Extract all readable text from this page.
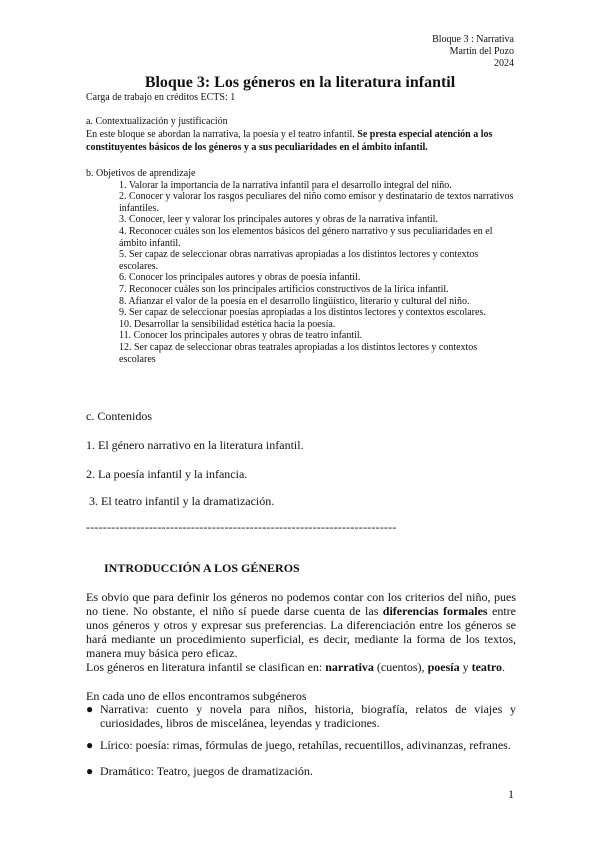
Bloque 3 : Narrativa
Martín del Pozo
2024
Bloque 3: Los géneros en la literatura infantil
Carga de trabajo en créditos ECTS: 1
a. Contextualización y justificación
En este bloque se abordan la narrativa, la poesía y el teatro infantil. Se presta especial atención a los constituyentes básicos de los géneros y a sus peculiaridades en el ámbito infantil.
b. Objetivos de aprendizaje
1. Valorar la importancia de la narrativa infantil para el desarrollo integral del niño.
2. Conocer y valorar los rasgos peculiares del niño como emisor y destinatario de textos narrativos infantiles.
3. Conocer, leer y valorar los principales autores y obras de la narrativa infantil.
4. Reconocer cuáles son los elementos básicos del género narrativo y sus peculiaridades en el ámbito infantil.
5. Ser capaz de seleccionar obras narrativas apropiadas a los distintos lectores y contextos escolares.
6. Conocer los principales autores y obras de poesía infantil.
7. Reconocer cuáles son los principales artificios constructivos de la lírica infantil.
8. Afianzar el valor de la poesía en el desarrollo lingüístico, literario y cultural del niño.
9. Ser capaz de seleccionar poesías apropiadas a los distintos lectores y contextos escolares.
10. Desarrollar la sensibilidad estética hacia la poesía.
11. Conocer los principales autores y obras de teatro infantil.
12. Ser capaz de seleccionar obras teatrales apropiadas a los distintos lectores y contextos escolares
c. Contenidos
1. El género narrativo en la literatura infantil.
2. La poesía infantil y la infancia.
3. El teatro infantil y la dramatización.
--------------------------------------------------------------------------
INTRODUCCIÓN A LOS GÉNEROS
Es obvio que para definir los géneros no podemos contar con los criterios del niño, pues no tiene. No obstante, el niño sí puede darse cuenta de las diferencias formales entre unos géneros y otros y expresar sus preferencias. La diferenciación entre los géneros se hará mediante un procedimiento superficial, es decir, mediante la forma de los textos, manera muy básica pero eficaz.
Los géneros en literatura infantil se clasifican en: narrativa (cuentos), poesía y teatro.
En cada uno de ellos encontramos subgéneros
● Narrativa: cuento y novela para niños, historia, biografía, relatos de viajes y curiosidades, libros de miscelánea, leyendas y tradiciones.
● Lírico: poesía: rimas, fórmulas de juego, retahílas, recuentillos, adivinanzas, refranes.
● Dramático: Teatro, juegos de dramatización.
1
